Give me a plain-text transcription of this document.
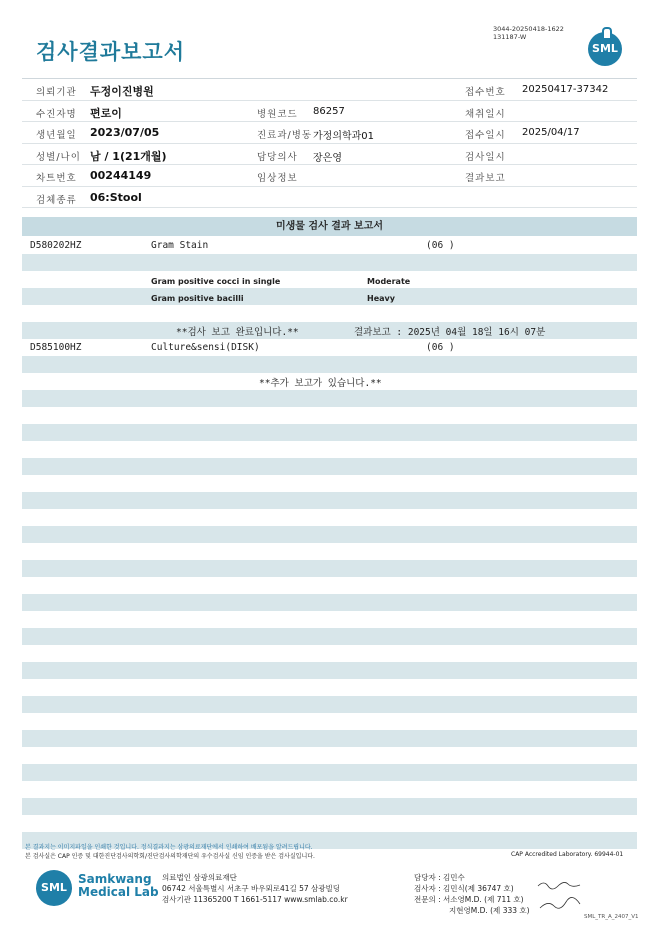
검사결과보고서
3044-20250418-1622
131187-W
SML
의뢰기관 두정이진병원	접수번호 20250417-37342
수진자명 편로이	병원코드 86257	채취일시
생년월일 2023/07/05	진료과/병동 가정의학과01	접수일시 2025/04/17
성별/나이 남 / 1(21개월)	담당의사 장은영	검사일시
차트번호 00244149	임상정보	결과보고
검체종류 06:Stool
미생물 검사 결과 보고서
D580202HZ	Gram Stain	(06 )
Gram positive cocci in single	Moderate
Gram positive bacilli	Heavy
**검사 보고 완료입니다.**	결과보고 : 2025년 04월 18일 16시 07분
D585100HZ	Culture&sensi(DISK)	(06 )
**추가 보고가 있습니다.**
본 결과지는 이미지파일을 인쇄한 것입니다. 정식결과지는 삼광의료재단에서 인쇄하여 배포됨을 알려드립니다.
본 검사실은 CAP 인증 및 대한진단검사의학회/진단검사의학재단의 우수검사실 신임 인증을 받은 검사실입니다.	CAP Accredited Laboratory. 69944-01
SML
Samkwang
Medical Lab
의료법인 삼광의료재단
06742 서울특별시 서초구 바우뫼로41길 57 삼광빌딩
검사기관 11365200 T 1661-5117 www.smlab.co.kr
담당자 : 김민수
검사자 : 김민식(제 36747 호)
전문의 : 서소영M.D. (제 711 호)
지현영M.D. (제 333 호)
SML_TR_A_2407_V1
